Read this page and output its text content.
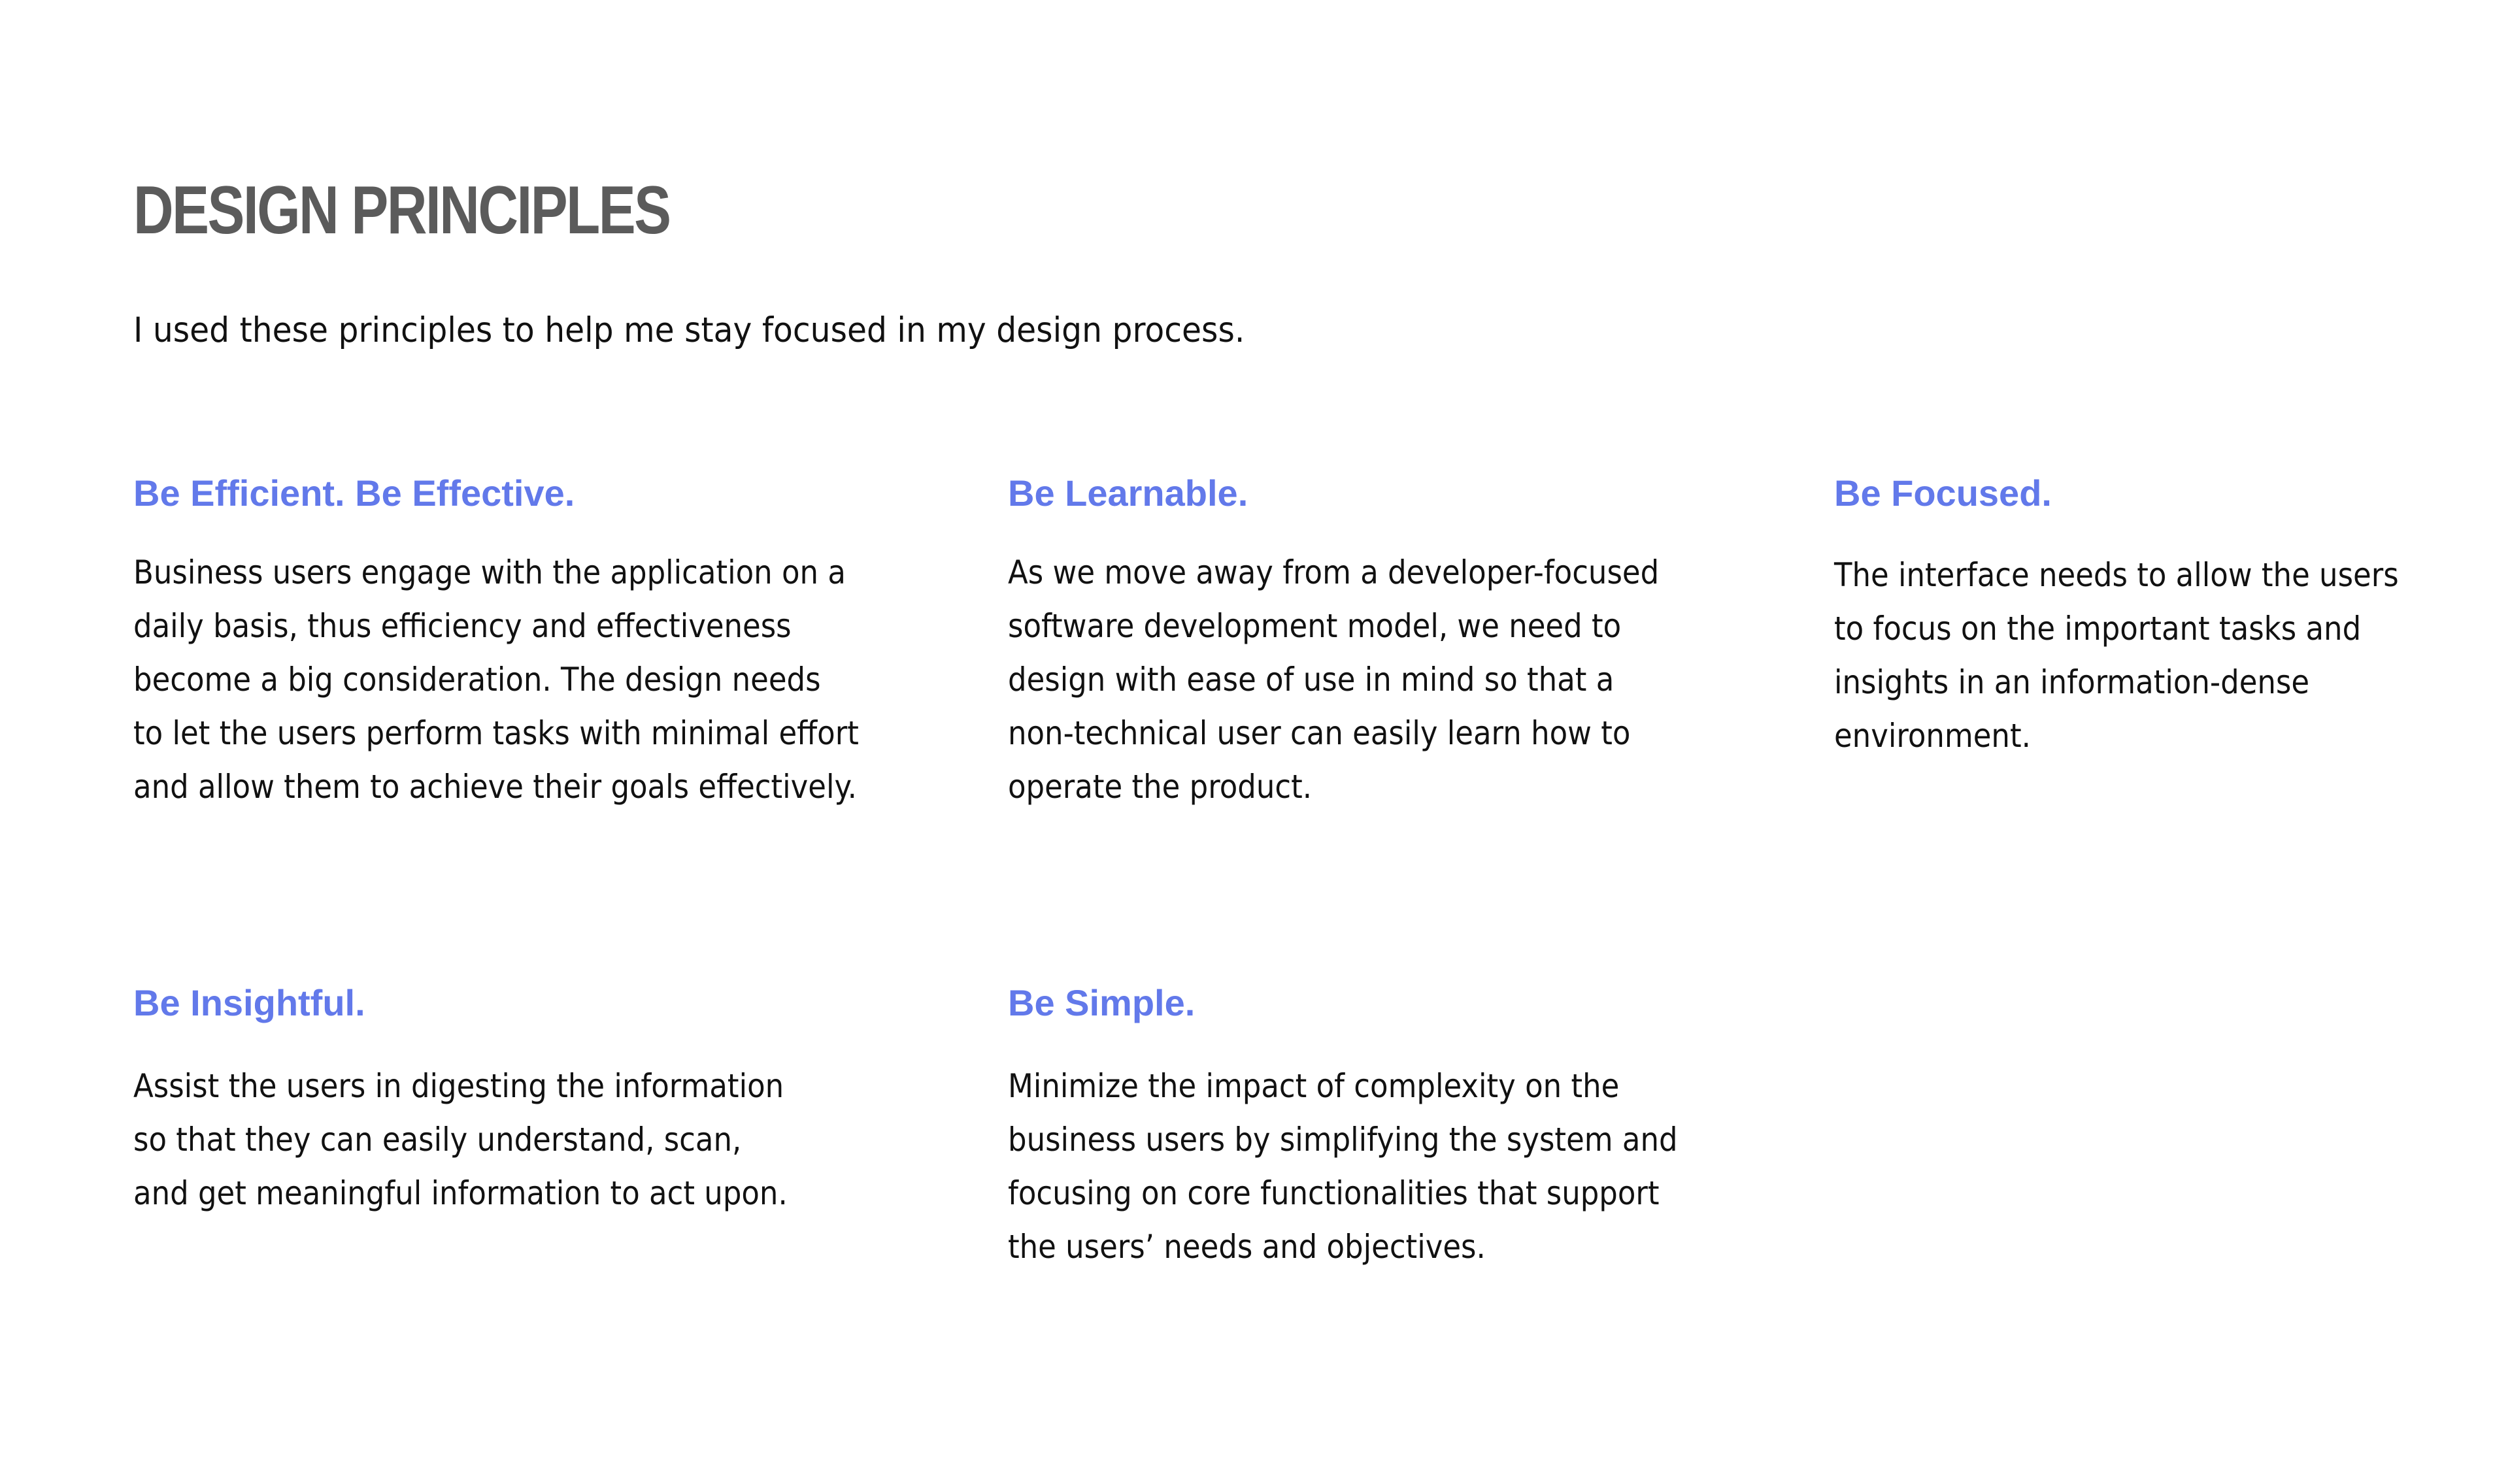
DESIGN PRINCIPLES

I used these principles to help me stay focused in my design process.

Be Efficient. Be Effective.

Business users engage with the application on a
daily basis, thus efficiency and effectiveness
become a big consideration. The design needs
to let the users perform tasks with minimal effort
and allow them to achieve their goals effectively.

Be Learnable.

As we move away from a developer-focused
software development model, we need to
design with ease of use in mind so that a
non-technical user can easily learn how to
operate the product.

Be Focused.

The interface needs to allow the users
to focus on the important tasks and
insights in an information-dense
environment.

Be Insightful.

Assist the users in digesting the information
so that they can easily understand, scan,
and get meaningful information to act upon.

Be Simple.

Minimize the impact of complexity on the
business users by simplifying the system and
focusing on core functionalities that support
the users’ needs and objectives.
